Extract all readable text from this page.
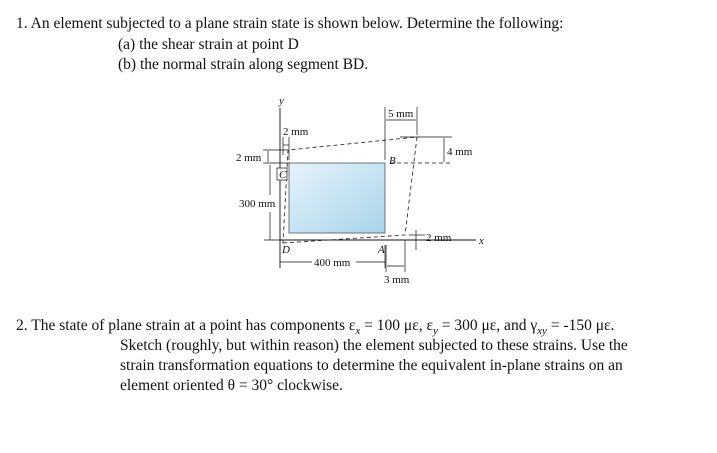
1. An element subjected to a plane strain state is shown below. Determine the following:
(a) the shear strain at point D
(b) the normal strain along segment BD.
y
x
D	A
B
C
2 mm
5 mm
4 mm
2 mm
300 mm
400 mm
2 mm
3 mm
2. The state of plane strain at a point has components $\varepsilon_x = 100$ με, $\varepsilon_y = 300$ με, and $\gamma_{xy} = -150$ με.
Sketch (roughly, but within reason) the element subjected to these strains. Use the
strain transformation equations to determine the equivalent in-plane strains on an
element oriented θ = 30° clockwise.
